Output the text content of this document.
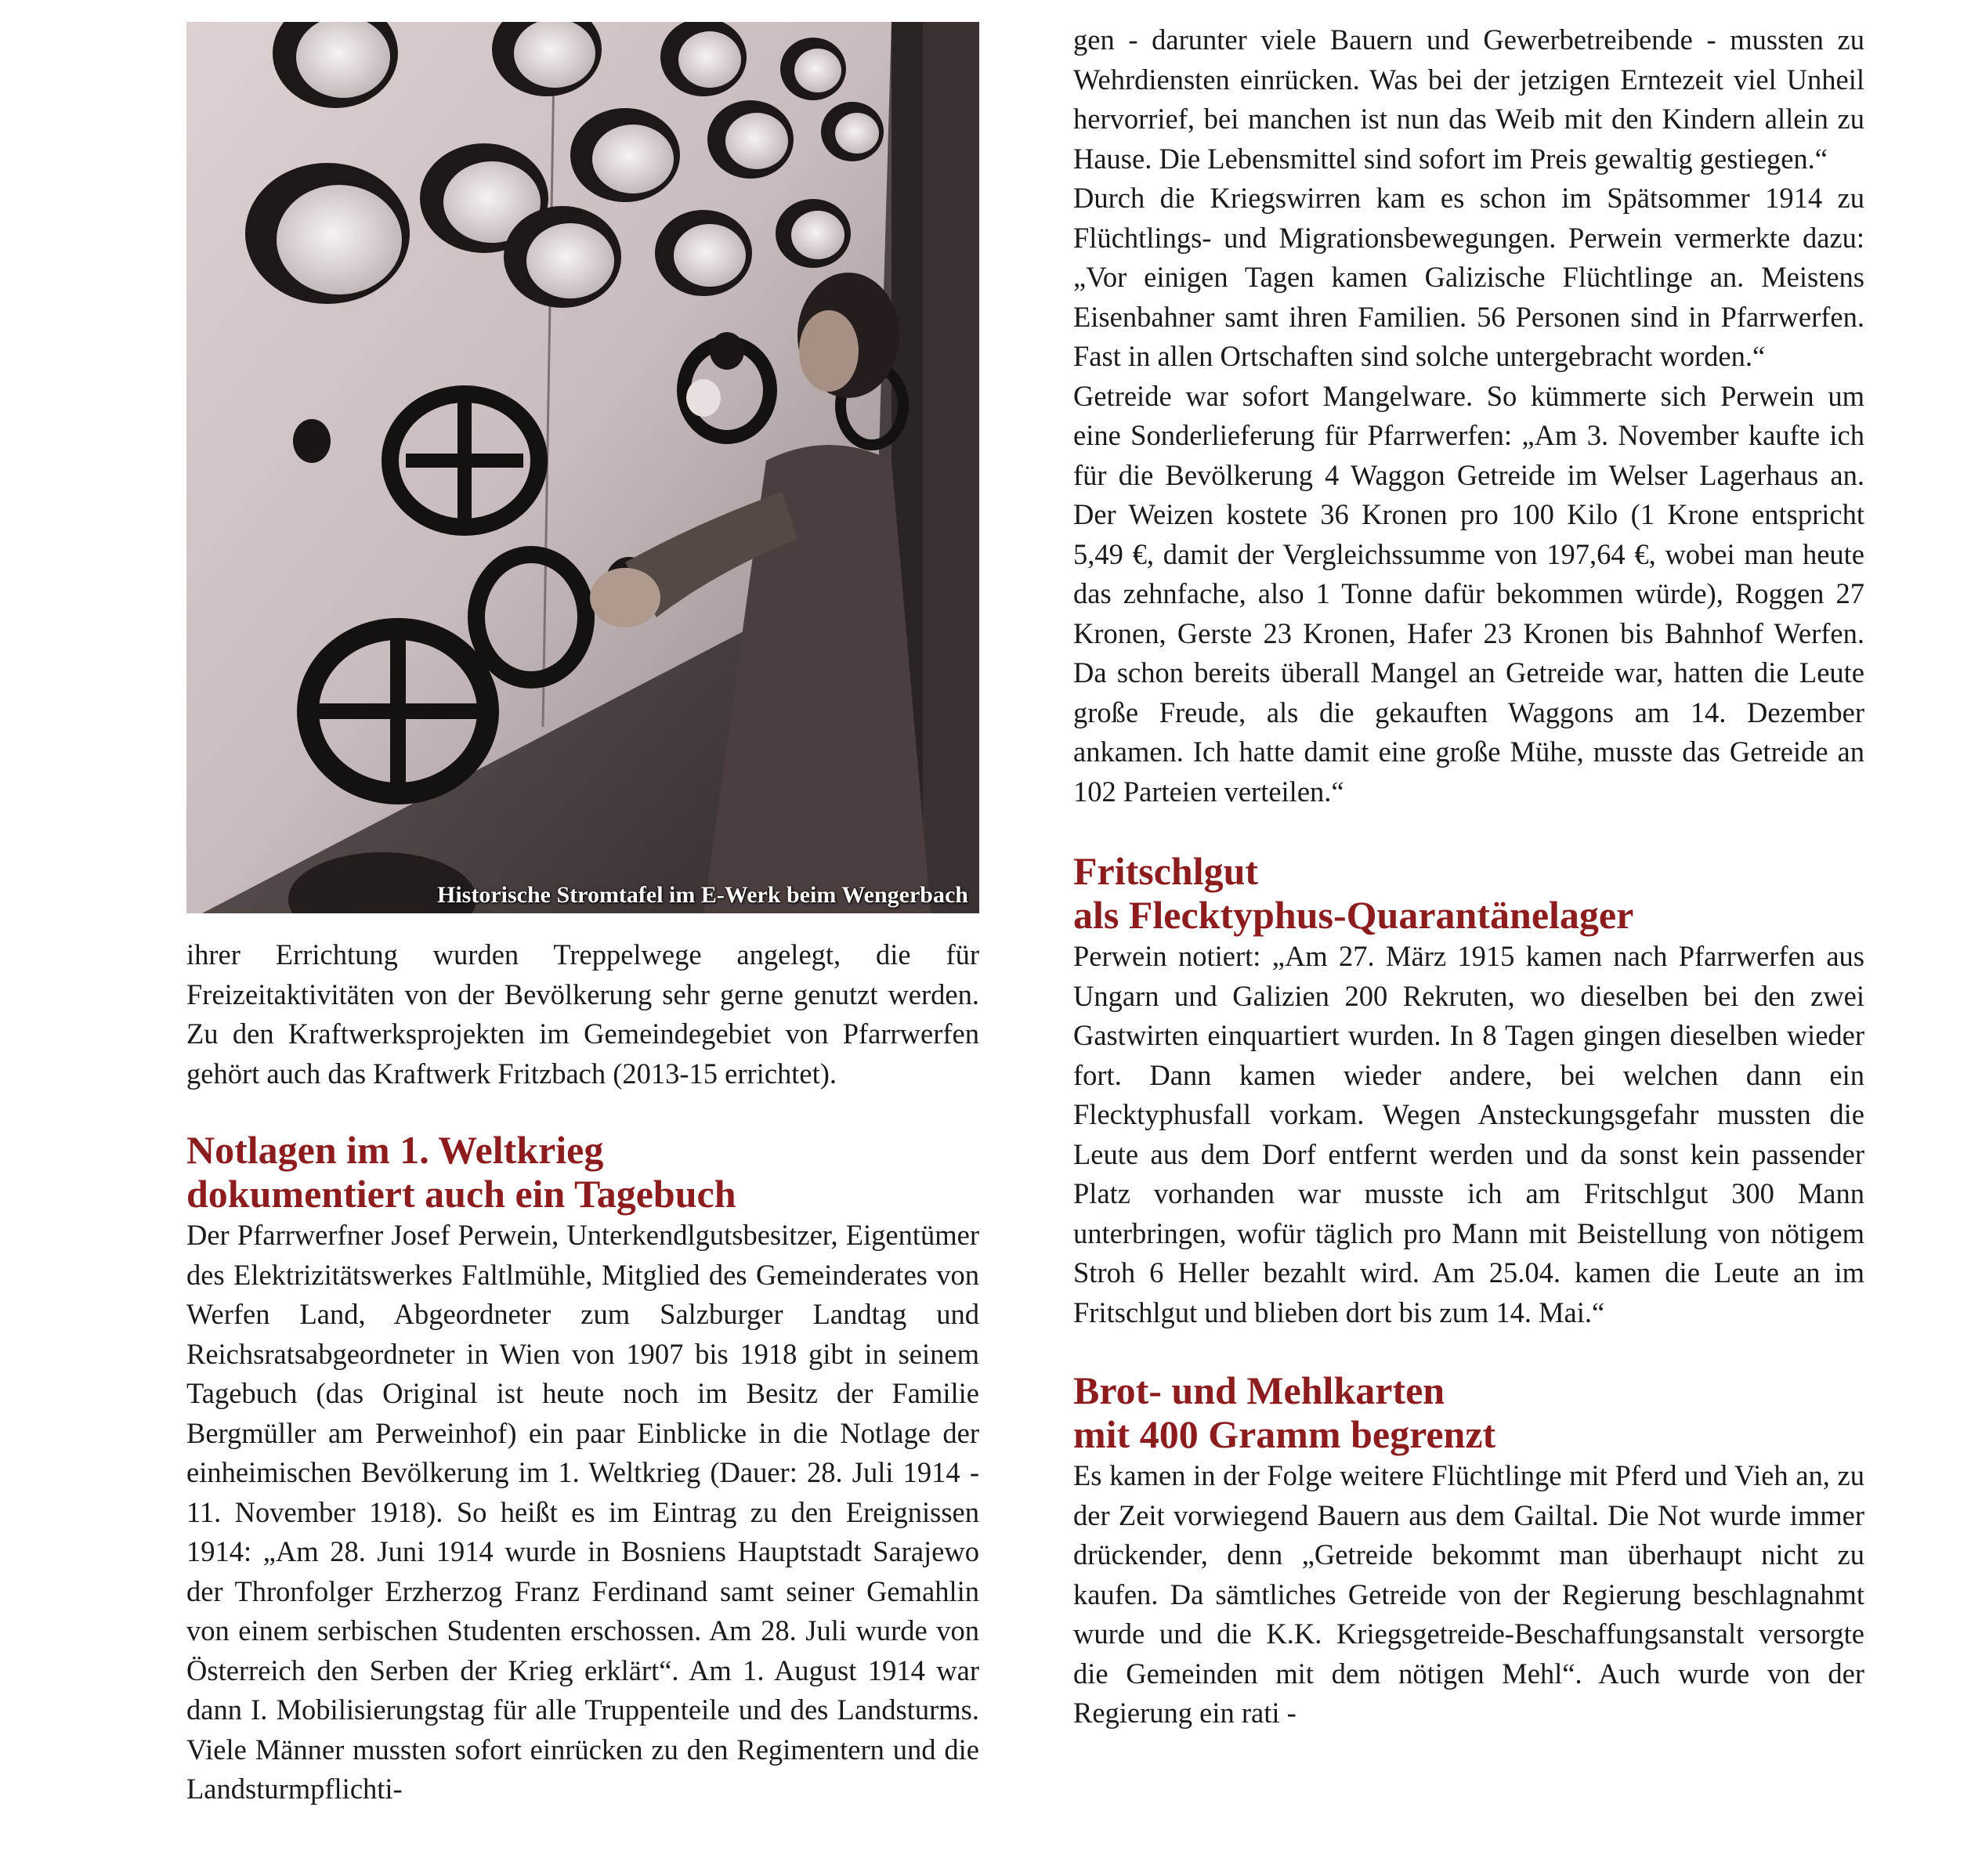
Historische Stromtafel im E-Werk beim Wengerbach

ihrer Errichtung wurden Treppelwege angelegt, die für Freizeitaktivitäten von der Bevölkerung sehr gerne genutzt werden. Zu den Kraftwerksprojekten im Gemeindegebiet von Pfarrwerfen gehört auch das Kraftwerk Fritzbach (2013-15 errichtet).

Notlagen im 1. Weltkrieg
dokumentiert auch ein Tagebuch

Der Pfarrwerfner Josef Perwein, Unterkendlgutsbesitzer, Eigentümer des Elektrizitätswerkes Faltlmühle, Mitglied des Gemeinderates von Werfen Land, Abgeordneter zum Salzburger Landtag und Reichsratsabgeordneter in Wien von 1907 bis 1918 gibt in seinem Tagebuch (das Original ist heute noch im Besitz der Familie Bergmüller am Perweinhof) ein paar Einblicke in die Notlage der einheimischen Bevölkerung im 1. Weltkrieg (Dauer: 28. Juli 1914 - 11. November 1918). So heißt es im Eintrag zu den Ereignissen 1914: „Am 28. Juni 1914 wurde in Bosniens Hauptstadt Sarajewo der Thronfolger Erzherzog Franz Ferdinand samt seiner Gemahlin von einem serbischen Studenten erschossen. Am 28. Juli wurde von Österreich den Serben der Krieg erklärt“. Am 1. August 1914 war dann I. Mobilisierungstag für alle Truppenteile und des Landsturms. Viele Männer mussten sofort einrücken zu den Regimentern und die Landsturmpflichti-

gen - darunter viele Bauern und Gewerbetreibende - mussten zu Wehrdiensten einrücken. Was bei der jetzigen Erntezeit viel Unheil hervorrief, bei manchen ist nun das Weib mit den Kindern allein zu Hause. Die Lebensmittel sind sofort im Preis gewaltig gestiegen.“

Durch die Kriegswirren kam es schon im Spätsommer 1914 zu Flüchtlings- und Migrationsbewegungen. Perwein vermerkte dazu: „Vor einigen Tagen kamen Galizische Flüchtlinge an. Meistens Eisenbahner samt ihren Familien. 56 Personen sind in Pfarrwerfen. Fast in allen Ortschaften sind solche untergebracht worden.“

Getreide war sofort Mangelware. So kümmerte sich Perwein um eine Sonderlieferung für Pfarrwerfen: „Am 3. November kaufte ich für die Bevölkerung 4 Waggon Getreide im Welser Lagerhaus an. Der Weizen kostete 36 Kronen pro 100 Kilo (1 Krone entspricht 5,49 €, damit der Vergleichssumme von 197,64 €, wobei man heute das zehnfache, also 1 Tonne dafür bekommen würde), Roggen 27 Kronen, Gerste 23 Kronen, Hafer 23 Kronen bis Bahnhof Werfen. Da schon bereits überall Mangel an Getreide war, hatten die Leute große Freude, als die gekauften Waggons am 14. Dezember ankamen. Ich hatte damit eine große Mühe, musste das Getreide an 102 Parteien verteilen.“

Fritschlgut
als Flecktyphus-Quarantänelager

Perwein notiert: „Am 27. März 1915 kamen nach Pfarrwerfen aus Ungarn und Galizien 200 Rekruten, wo dieselben bei den zwei Gastwirten einquartiert wurden. In 8 Tagen gingen dieselben wieder fort. Dann kamen wieder andere, bei welchen dann ein Flecktyphusfall vorkam. Wegen Ansteckungsgefahr mussten die Leute aus dem Dorf entfernt werden und da sonst kein passender Platz vorhanden war musste ich am Fritschlgut 300 Mann unterbringen, wofür täglich pro Mann mit Beistellung von nötigem Stroh 6 Heller bezahlt wird. Am 25.04. kamen die Leute an im Fritschlgut und blieben dort bis zum 14. Mai.“

Brot- und Mehlkarten
mit 400 Gramm begrenzt

Es kamen in der Folge weitere Flüchtlinge mit Pferd und Vieh an, zu der Zeit vorwiegend Bauern aus dem Gailtal. Die Not wurde immer drückender, denn „Getreide bekommt man überhaupt nicht zu kaufen. Da sämtliches Getreide von der Regierung beschlagnahmt wurde und die K.K. Kriegsgetreide-Beschaffungsanstalt versorgte die Gemeinden mit dem nötigen Mehl“. Auch wurde von der Regierung ein rati -
